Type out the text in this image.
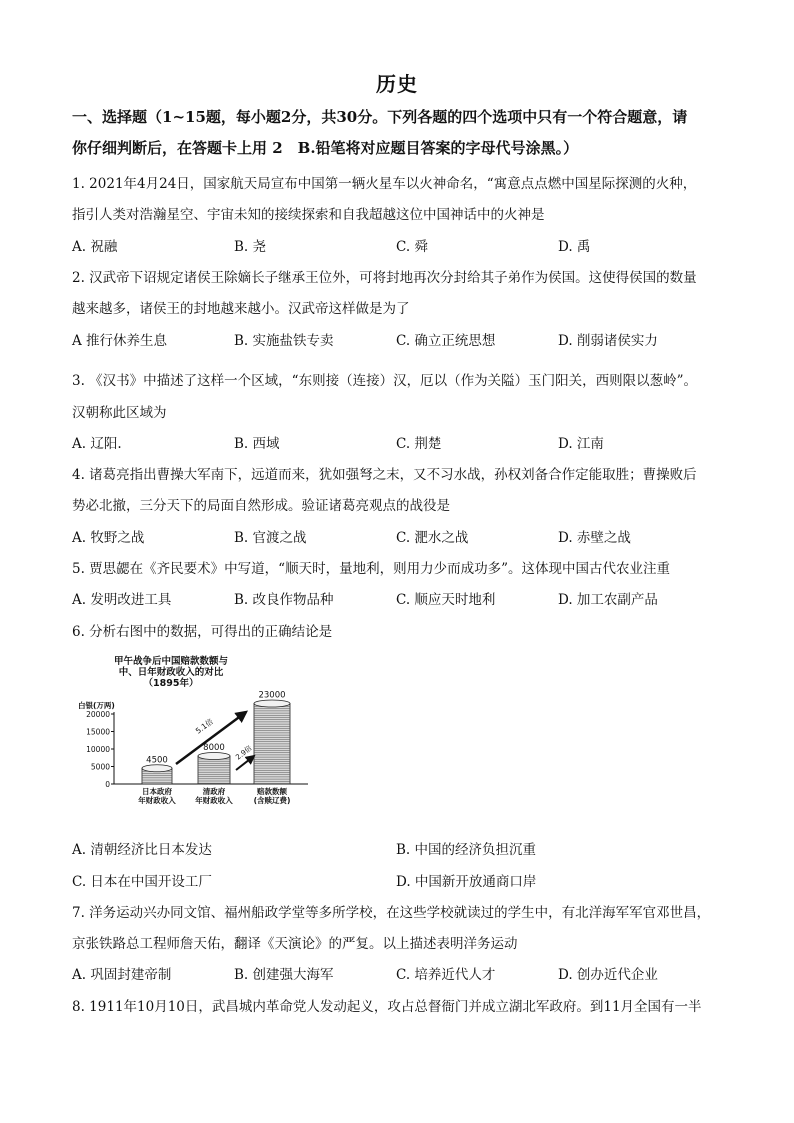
历史
一、选择题（1~15题，每小题2分，共30分。下列各题的四个选项中只有一个符合题意，请
你仔细判断后，在答题卡上用 2　B.铅笔将对应题目答案的字母代号涂黑。）
1. 2021年4月24日，国家航天局宣布中国第一辆火星车以火神命名，“寓意点点燃中国星际探测的火种，
指引人类对浩瀚星空、宇宙未知的接续探索和自我超越这位中国神话中的火神是
A. 祝融	B. 尧	C. 舜	D. 禹
2. 汉武帝下诏规定诸侯王除嫡长子继承王位外，可将封地再次分封给其子弟作为侯国。这使得侯国的数量
越来越多，诸侯王的封地越来越小。汉武帝这样做是为了
A 推行休养生息	B. 实施盐铁专卖	C. 确立正统思想	D. 削弱诸侯实力
3. 《汉书》中描述了这样一个区域，“东则接（连接）汉，厄以（作为关隘）玉门阳关，西则限以葱岭”。
汉朝称此区域为
A. 辽阳.	B. 西域	C. 荆楚	D. 江南
4. 诸葛亮指出曹操大军南下，远道而来，犹如强弩之末，又不习水战，孙权刘备合作定能取胜；曹操败后
势必北撤，三分天下的局面自然形成。验证诸葛亮观点的战役是
A. 牧野之战	B. 官渡之战	C. 淝水之战	D. 赤壁之战
5. 贾思勰在《齐民要术》中写道，“顺天时，量地利，则用力少而成功多”。这体现中国古代农业注重
A. 发明改进工具	B. 改良作物品种	C. 顺应天时地利	D. 加工农副产品
6. 分析右图中的数据，可得出的正确结论是
甲午战争后中国赔款数额与
中、日年财政收入的对比
（1895年）
白银(万两)
20000
15000
10000
5000
0
4500
日本政府
年财政收入
8000
清政府
年财政收入
23000
赔款数额
(含赎辽费)
5.1倍
2.9倍
A. 清朝经济比日本发达	B. 中国的经济负担沉重
C. 日本在中国开设工厂	D. 中国新开放通商口岸
7. 洋务运动兴办同文馆、福州船政学堂等多所学校，在这些学校就读过的学生中，有北洋海军军官邓世昌，
京张铁路总工程师詹天佑，翻译《天演论》的严复。以上描述表明洋务运动
A. 巩固封建帝制	B. 创建强大海军	C. 培养近代人才	D. 创办近代企业
8. 1911年10月10日，武昌城内革命党人发动起义，攻占总督衙门并成立湖北军政府。到11月全国有一半
